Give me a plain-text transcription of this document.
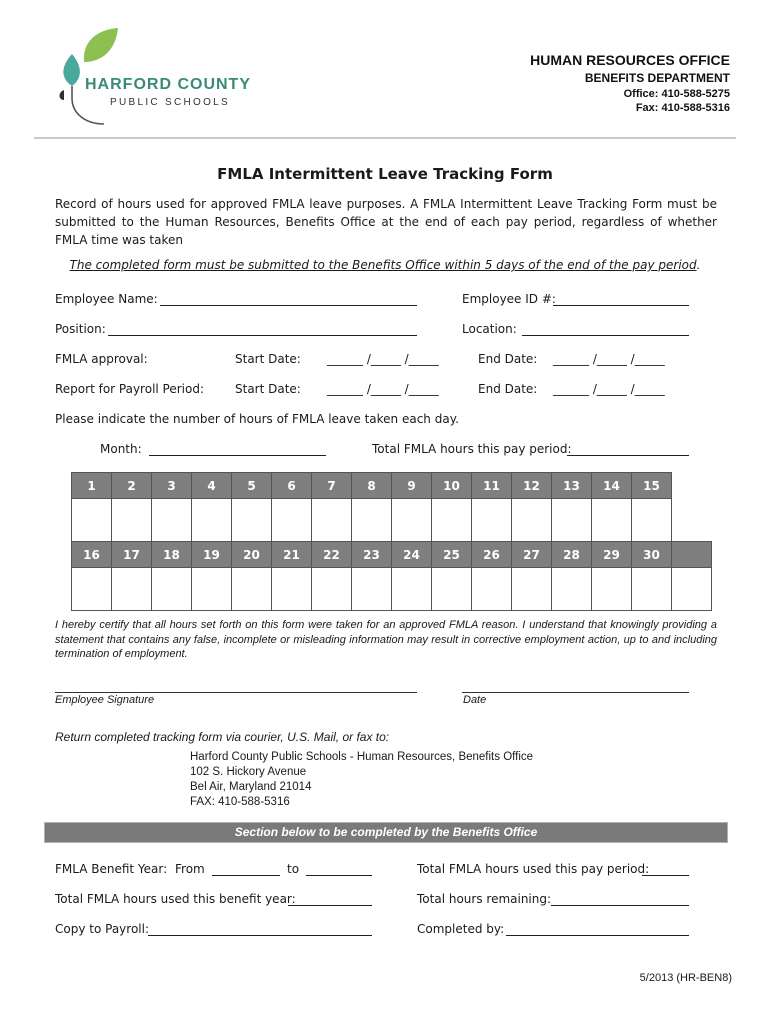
HARFORD COUNTY
PUBLIC SCHOOLS
HUMAN RESOURCES OFFICE
BENEFITS DEPARTMENT
Office: 410-588-5275
Fax: 410-588-5316
FMLA Intermittent Leave Tracking Form
Record of hours used for approved FMLA leave purposes. A FMLA Intermittent Leave Tracking Form must be submitted to the Human Resources, Benefits Office at the end of each pay period, regardless of whether FMLA time was taken
The completed form must be submitted to the Benefits Office within 5 days of the end of the pay period.
Employee Name:	Employee ID #:
Position:	Location:
FMLA approval:	Start Date: ______ /_____ /_____	End Date: ______ /_____ /_____
Report for Payroll Period:	Start Date: ______ /_____ /_____	End Date: ______ /_____ /_____
Please indicate the number of hours of FMLA leave taken each day.
Month:	Total FMLA hours this pay period:
1	2	3	4	5	6	7	8	9	10	11	12	13	14	15

16	17	18	19	20	21	22	23	24	25	26	27	28	29	30	

I hereby certify that all hours set forth on this form were taken for an approved FMLA reason. I understand that knowingly providing a statement that contains any false, incomplete or misleading information may result in corrective employment action, up to and including termination of employment.
Employee Signature	Date
Return completed tracking form via courier, U.S. Mail, or fax to:
Harford County Public Schools - Human Resources, Benefits Office
102 S. Hickory Avenue
Bel Air, Maryland 21014
FAX: 410-588-5316
Section below to be completed by the Benefits Office
FMLA Benefit Year: From	to	Total FMLA hours used this pay period:
Total FMLA hours used this benefit year:	Total hours remaining:
Copy to Payroll:	Completed by:
5/2013 (HR-BEN8)
